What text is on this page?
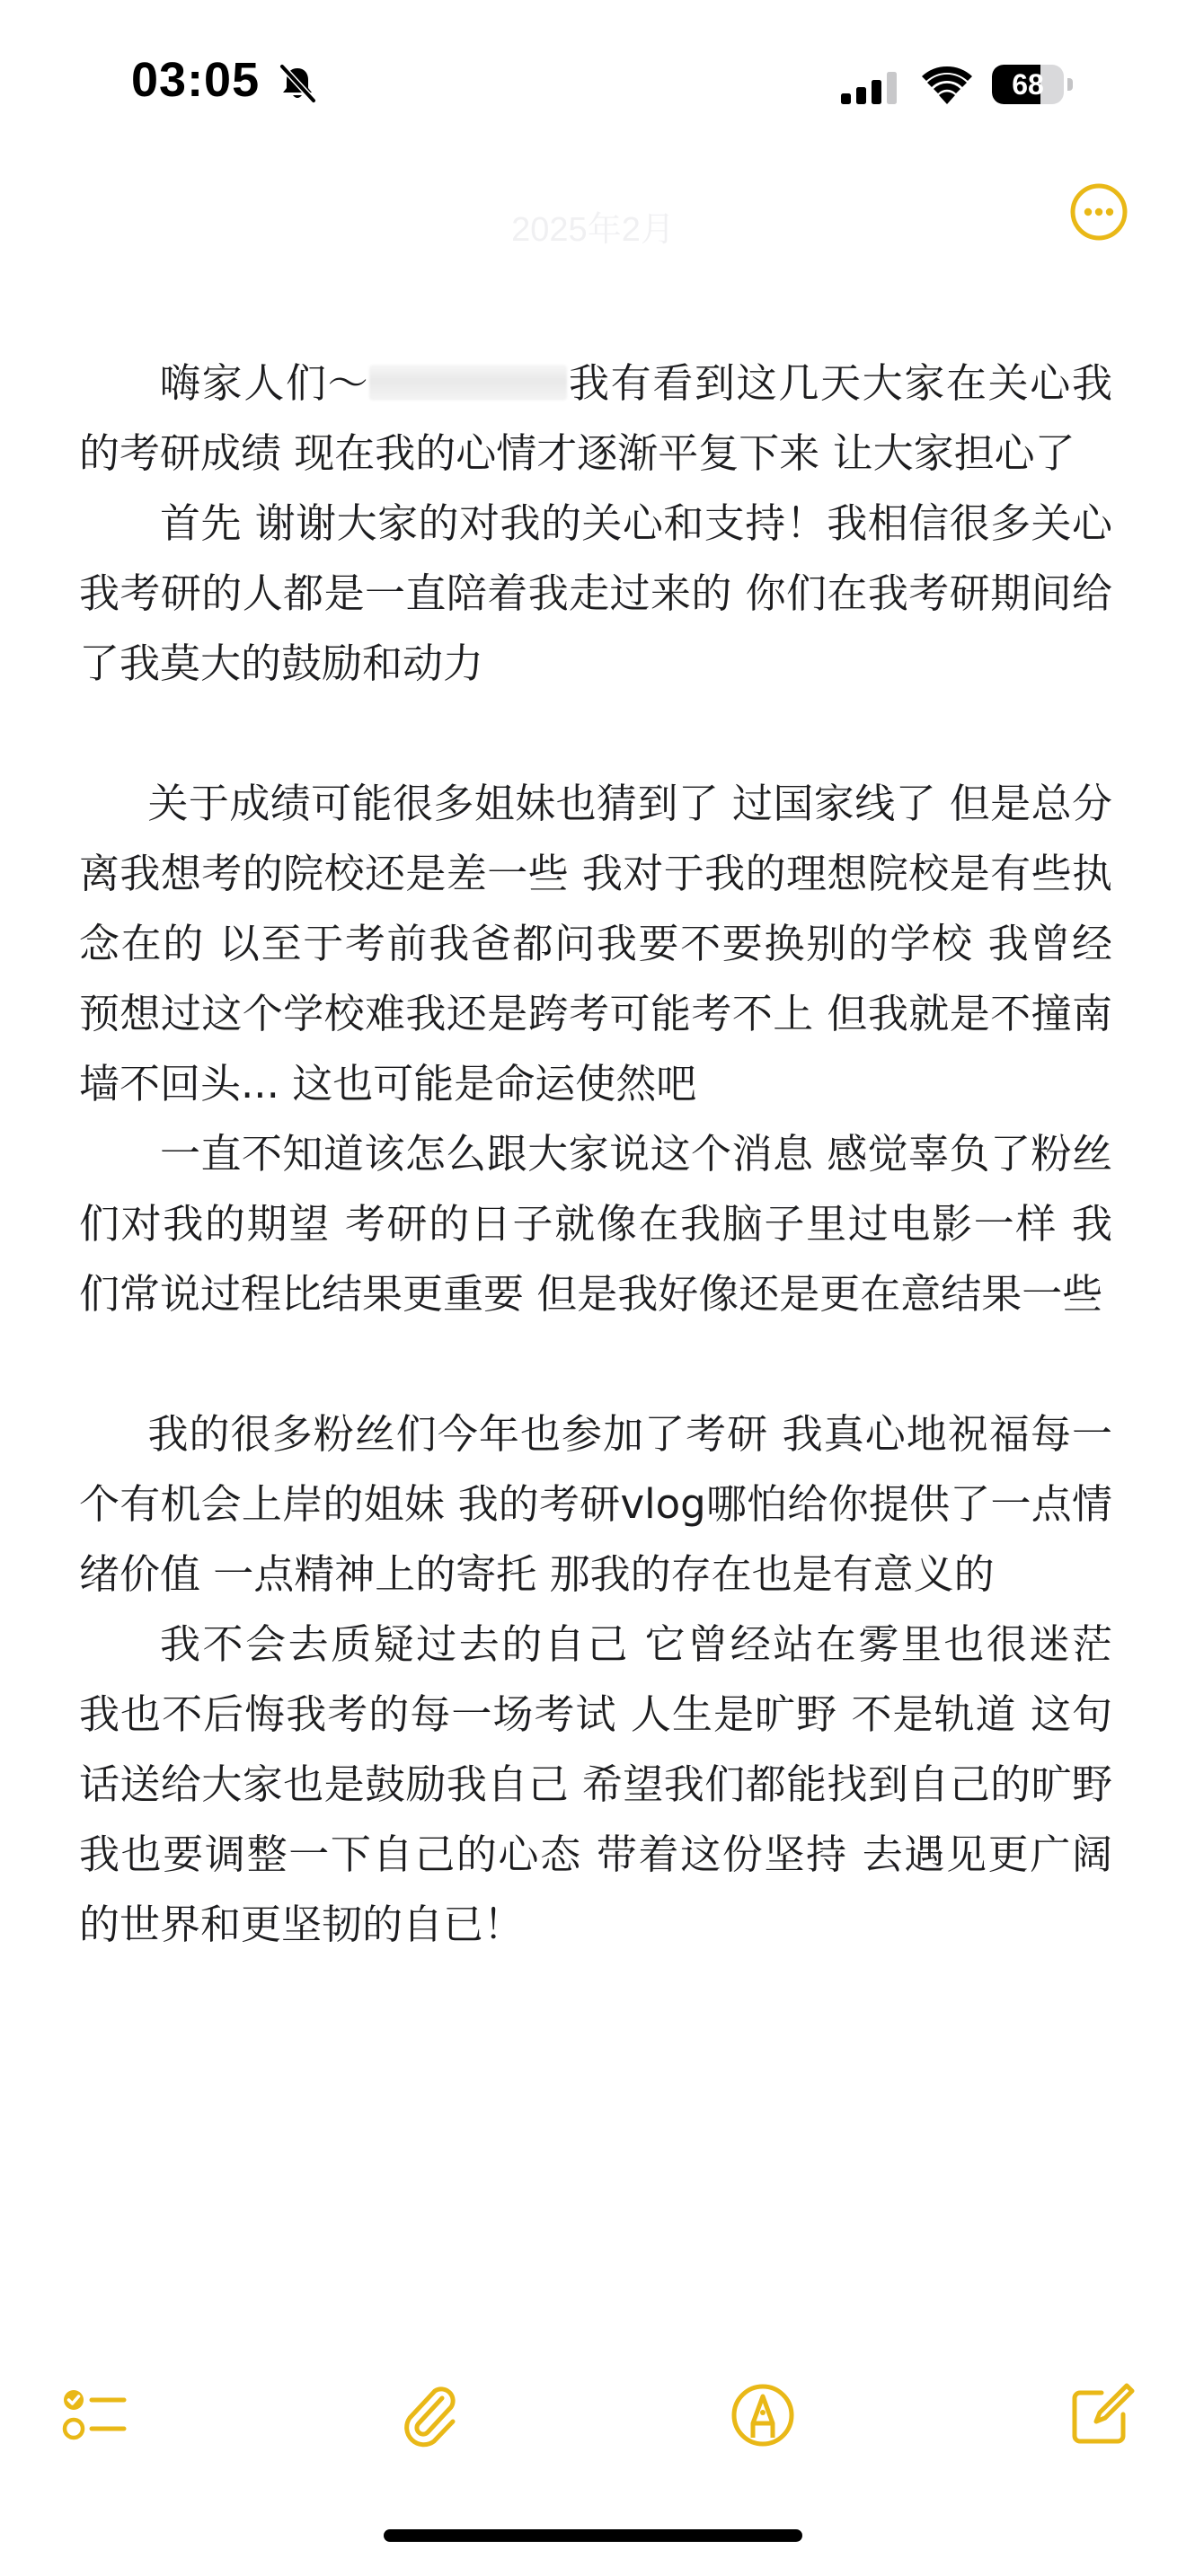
03:05	68
2025年2月

嗨家人们～	我有看到这几天大家在关心我的考研成绩 现在我的心情才逐渐平复下来 让大家担心了

首先 谢谢大家的对我的关心和支持！我相信很多关心我考研的人都是一直陪着我走过来的 你们在我考研期间给了我莫大的鼓励和动力

关于成绩可能很多姐妹也猜到了 过国家线了 但是总分离我想考的院校还是差一些 我对于我的理想院校是有些执念在的 以至于考前我爸都问我要不要换别的学校 我曾经预想过这个学校难我还是跨考可能考不上 但我就是不撞南墙不回头... 这也可能是命运使然吧

一直不知道该怎么跟大家说这个消息 感觉辜负了粉丝们对我的期望 考研的日子就像在我脑子里过电影一样 我们常说过程比结果更重要 但是我好像还是更在意结果一些

我的很多粉丝们今年也参加了考研 我真心地祝福每一个有机会上岸的姐妹 我的考研vlog哪怕给你提供了一点情绪价值 一点精神上的寄托 那我的存在也是有意义的

我不会去质疑过去的自己 它曾经站在雾里也很迷茫 我也不后悔我考的每一场考试 人生是旷野 不是轨道 这句话送给大家也是鼓励我自己 希望我们都能找到自己的旷野 我也要调整一下自己的心态 带着这份坚持 去遇见更广阔的世界和更坚韧的自已！
